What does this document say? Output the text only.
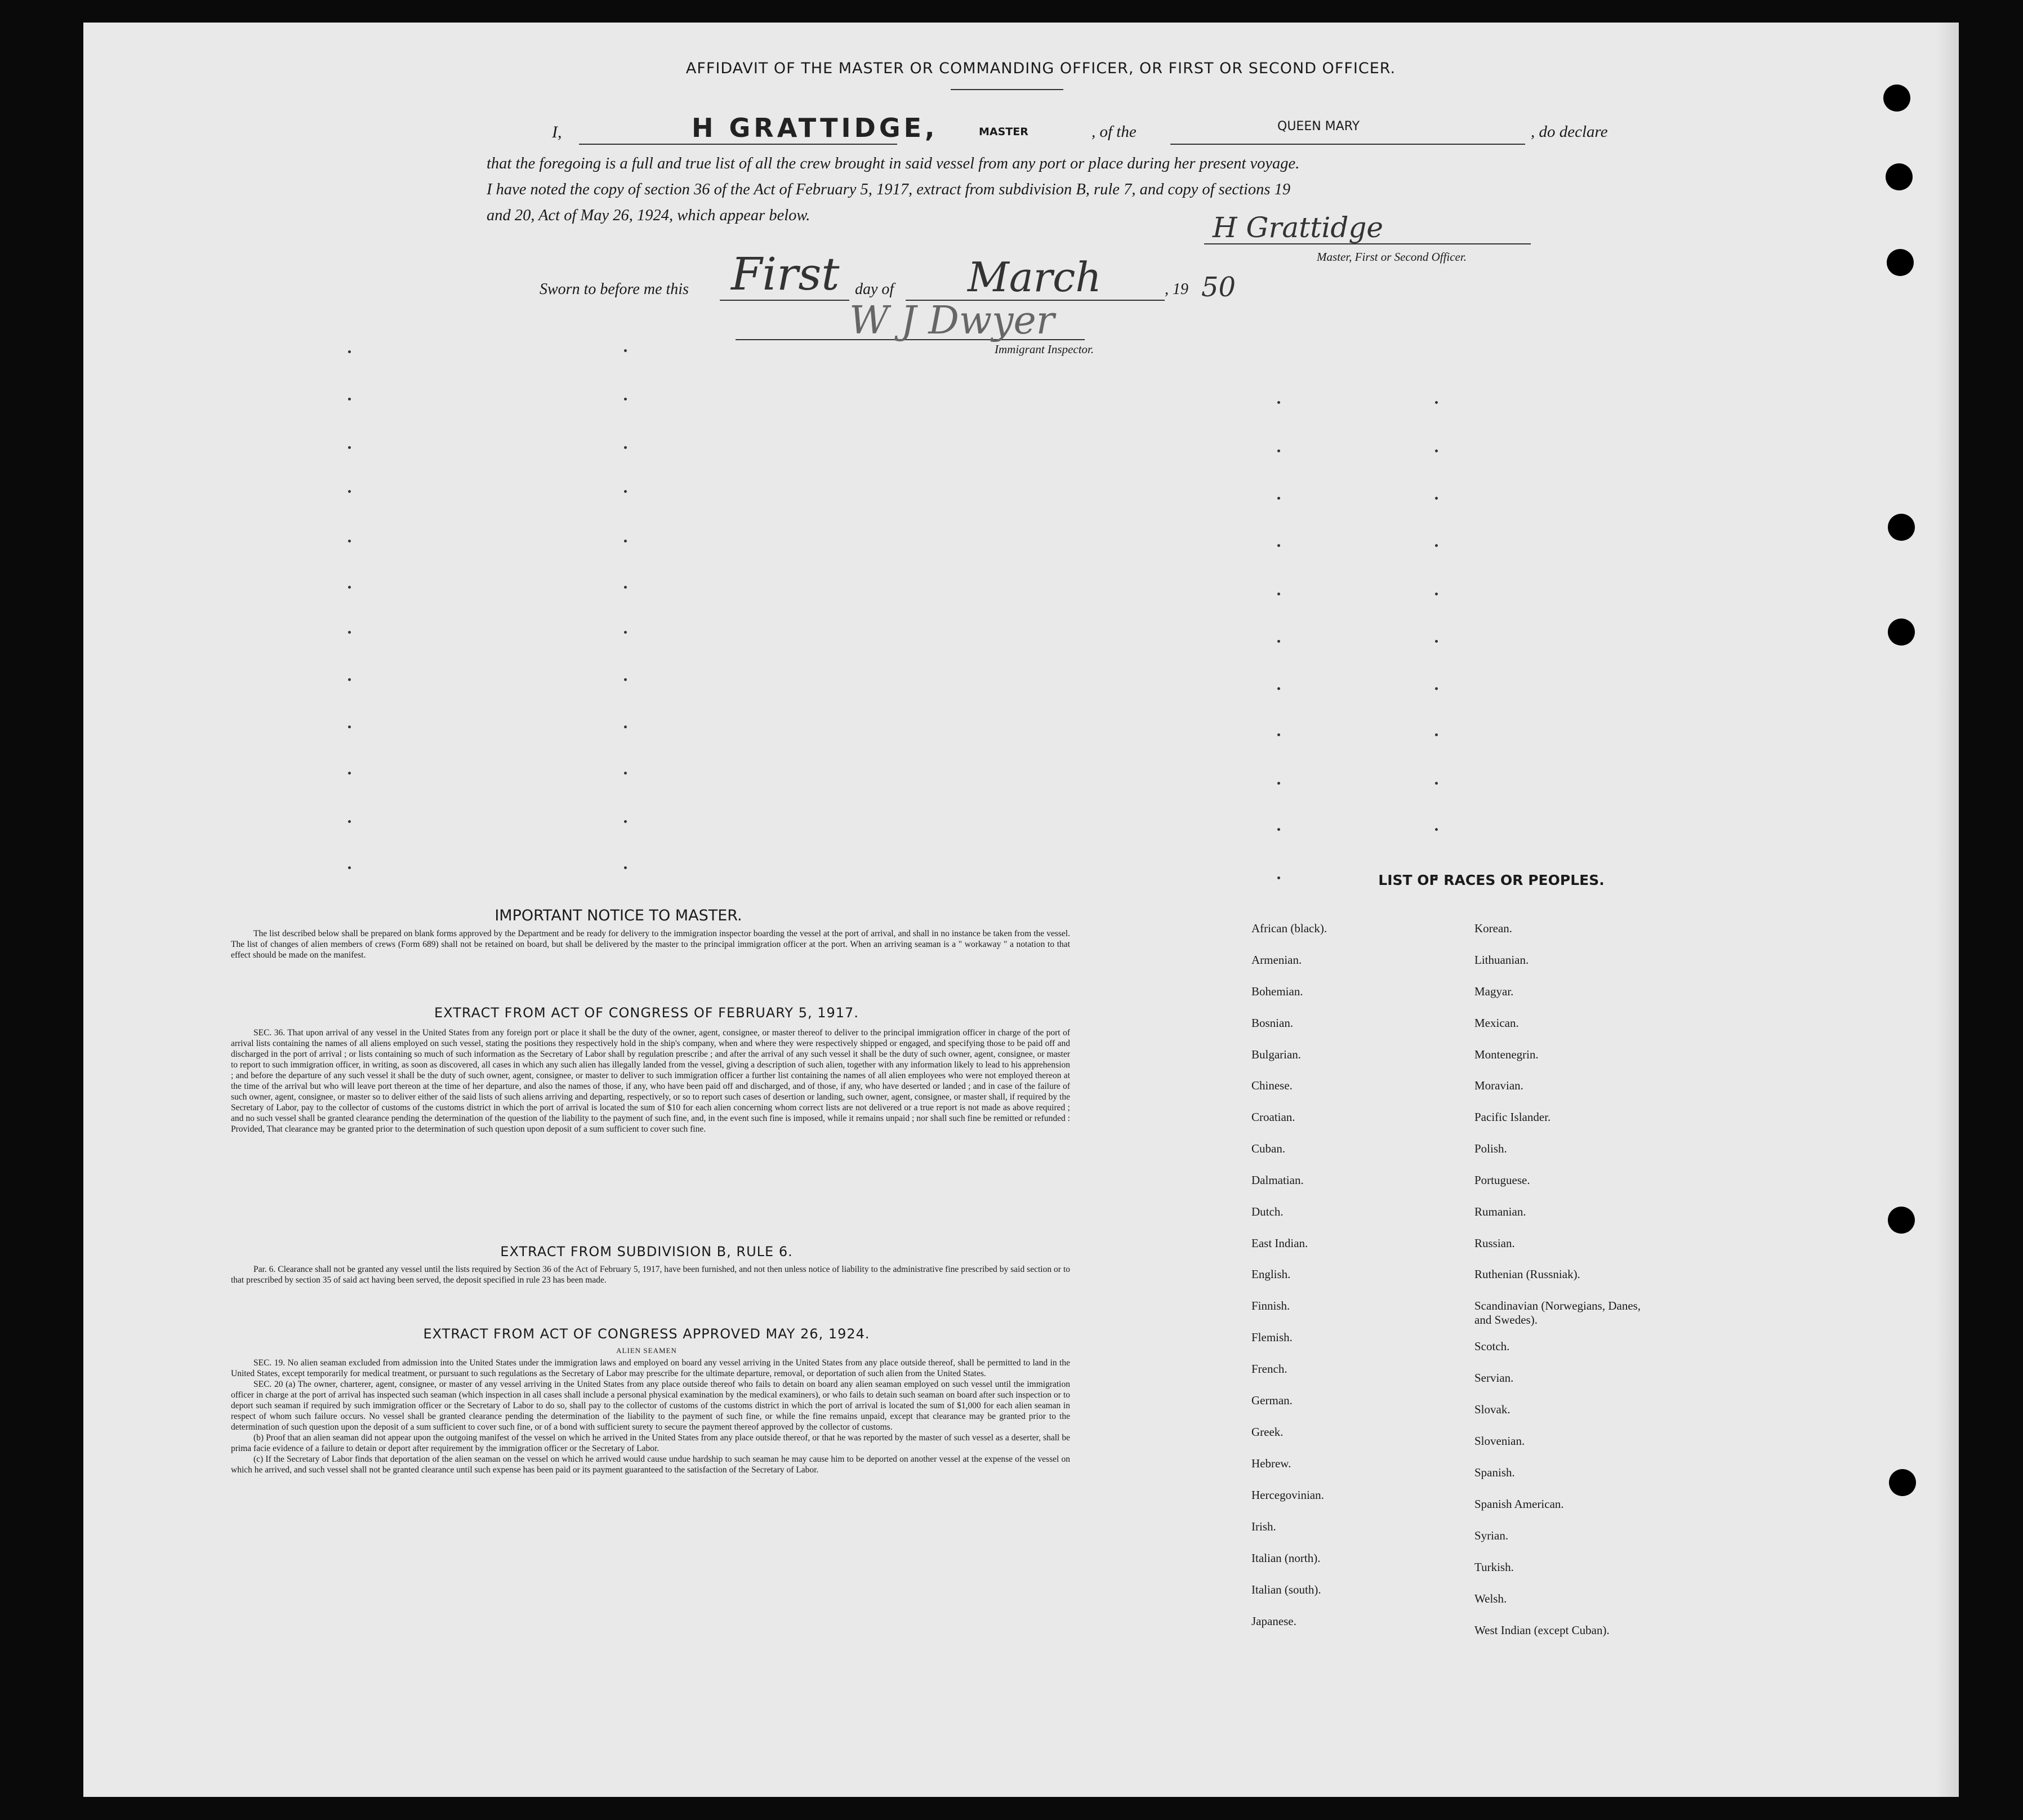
AFFIDAVIT OF THE MASTER OR COMMANDING OFFICER, OR FIRST OR SECOND OFFICER.
I,	H GRATTIDGE,	MASTER	, of the	QUEEN MARY	, do declare
that the foregoing is a full and true list of all the crew brought in said vessel from any port or place during her present voyage.
I have noted the copy of section 36 of the Act of February 5, 1917, extract from subdivision B, rule 7, and copy of sections 19
and 20, Act of May 26, 1924, which appear below.	H Grattidge
Master, First or Second Officer.
Sworn to before me this First day of March	, 19 50
W J Dwyer
Immigrant Inspector.
IMPORTANT NOTICE TO MASTER.

The list described below shall be prepared on blank forms approved by the Department and be ready for delivery to the immigration inspector boarding the vessel at the port of arrival, and shall in no instance be taken from the vessel. The list of changes of alien members of crews (Form 689) shall not be retained on board, but shall be delivered by the master to the principal immigration officer at the port. When an arriving seaman is a " workaway " a notation to that effect should be made on the manifest.

EXTRACT FROM ACT OF CONGRESS OF FEBRUARY 5, 1917.

SEC. 36. That upon arrival of any vessel in the United States from any foreign port or place it shall be the duty of the owner, agent, consignee, or master thereof to deliver to the principal immigration officer in charge of the port of arrival lists containing the names of all aliens employed on such vessel, stating the positions they respectively hold in the ship's company, when and where they were respectively shipped or engaged, and specifying those to be paid off and discharged in the port of arrival ; or lists containing so much of such information as the Secretary of Labor shall by regulation prescribe ; and after the arrival of any such vessel it shall be the duty of such owner, agent, consignee, or master to report to such immigration officer, in writing, as soon as discovered, all cases in which any such alien has illegally landed from the vessel, giving a description of such alien, together with any information likely to lead to his apprehension ; and before the departure of any such vessel it shall be the duty of such owner, agent, consignee, or master to deliver to such immigration officer a further list containing the names of all alien employees who were not employed thereon at the time of the arrival but who will leave port thereon at the time of her departure, and also the names of those, if any, who have been paid off and discharged, and of those, if any, who have deserted or landed ; and in case of the failure of such owner, agent, consignee, or master so to deliver either of the said lists of such aliens arriving and departing, respectively, or so to report such cases of desertion or landing, such owner, agent, consignee, or master shall, if required by the Secretary of Labor, pay to the collector of customs of the customs district in which the port of arrival is located the sum of $10 for each alien concerning whom correct lists are not delivered or a true report is not made as above required ; and no such vessel shall be granted clearance pending the determination of the question of the liability to the payment of such fine, and, in the event such fine is imposed, while it remains unpaid ; nor shall such fine be remitted or refunded : Provided, That clearance may be granted prior to the determination of such question upon deposit of a sum sufficient to cover such fine.

EXTRACT FROM SUBDIVISION B, RULE 6.

Par. 6. Clearance shall not be granted any vessel until the lists required by Section 36 of the Act of February 5, 1917, have been furnished, and not then unless notice of liability to the administrative fine prescribed by said section or to that prescribed by section 35 of said act having been served, the deposit specified in rule 23 has been made.

EXTRACT FROM ACT OF CONGRESS APPROVED MAY 26, 1924.
ALIEN SEAMEN

SEC. 19. No alien seaman excluded from admission into the United States under the immigration laws and employed on board any vessel arriving in the United States from any place outside thereof, shall be permitted to land in the United States, except temporarily for medical treatment, or pursuant to such regulations as the Secretary of Labor may prescribe for the ultimate departure, removal, or deportation of such alien from the United States.

SEC. 20 (a) The owner, charterer, agent, consignee, or master of any vessel arriving in the United States from any place outside thereof who fails to detain on board any alien seaman employed on such vessel until the immigration officer in charge at the port of arrival has inspected such seaman (which inspection in all cases shall include a personal physical examination by the medical examiners), or who fails to detain such seaman on board after such inspection or to deport such seaman if required by such immigration officer or the Secretary of Labor to do so, shall pay to the collector of customs of the customs district in which the port of arrival is located the sum of $1,000 for each alien seaman in respect of whom such failure occurs. No vessel shall be granted clearance pending the determination of the liability to the payment of such fine, or while the fine remains unpaid, except that clearance may be granted prior to the determination of such question upon the deposit of a sum sufficient to cover such fine, or of a bond with sufficient surety to secure the payment thereof approved by the collector of customs.

(b) Proof that an alien seaman did not appear upon the outgoing manifest of the vessel on which he arrived in the United States from any place outside thereof, or that he was reported by the master of such vessel as a deserter, shall be prima facie evidence of a failure to detain or deport after requirement by the immigration officer or the Secretary of Labor.

(c) If the Secretary of Labor finds that deportation of the alien seaman on the vessel on which he arrived would cause undue hardship to such seaman he may cause him to be deported on another vessel at the expense of the vessel on which he arrived, and such vessel shall not be granted clearance until such expense has been paid or its payment guaranteed to the satisfaction of the Secretary of Labor.

LIST OF RACES OR PEOPLES.
African (black).
Armenian.
Bohemian.
Bosnian.
Bulgarian.
Chinese.
Croatian.
Cuban.
Dalmatian.
Dutch.
East Indian.
English.
Finnish.
Flemish.
French.
German.
Greek.
Hebrew.
Hercegovinian.
Irish.
Italian (north).
Italian (south).
Japanese.
Korean.
Lithuanian.
Magyar.
Mexican.
Montenegrin.
Moravian.
Pacific Islander.
Polish.
Portuguese.
Rumanian.
Russian.
Ruthenian (Russniak).
Scandinavian (Norwegians, Danes, and Swedes).
Scotch.
Servian.
Slovak.
Slovenian.
Spanish.
Spanish American.
Syrian.
Turkish.
Welsh.
West Indian (except Cuban).
